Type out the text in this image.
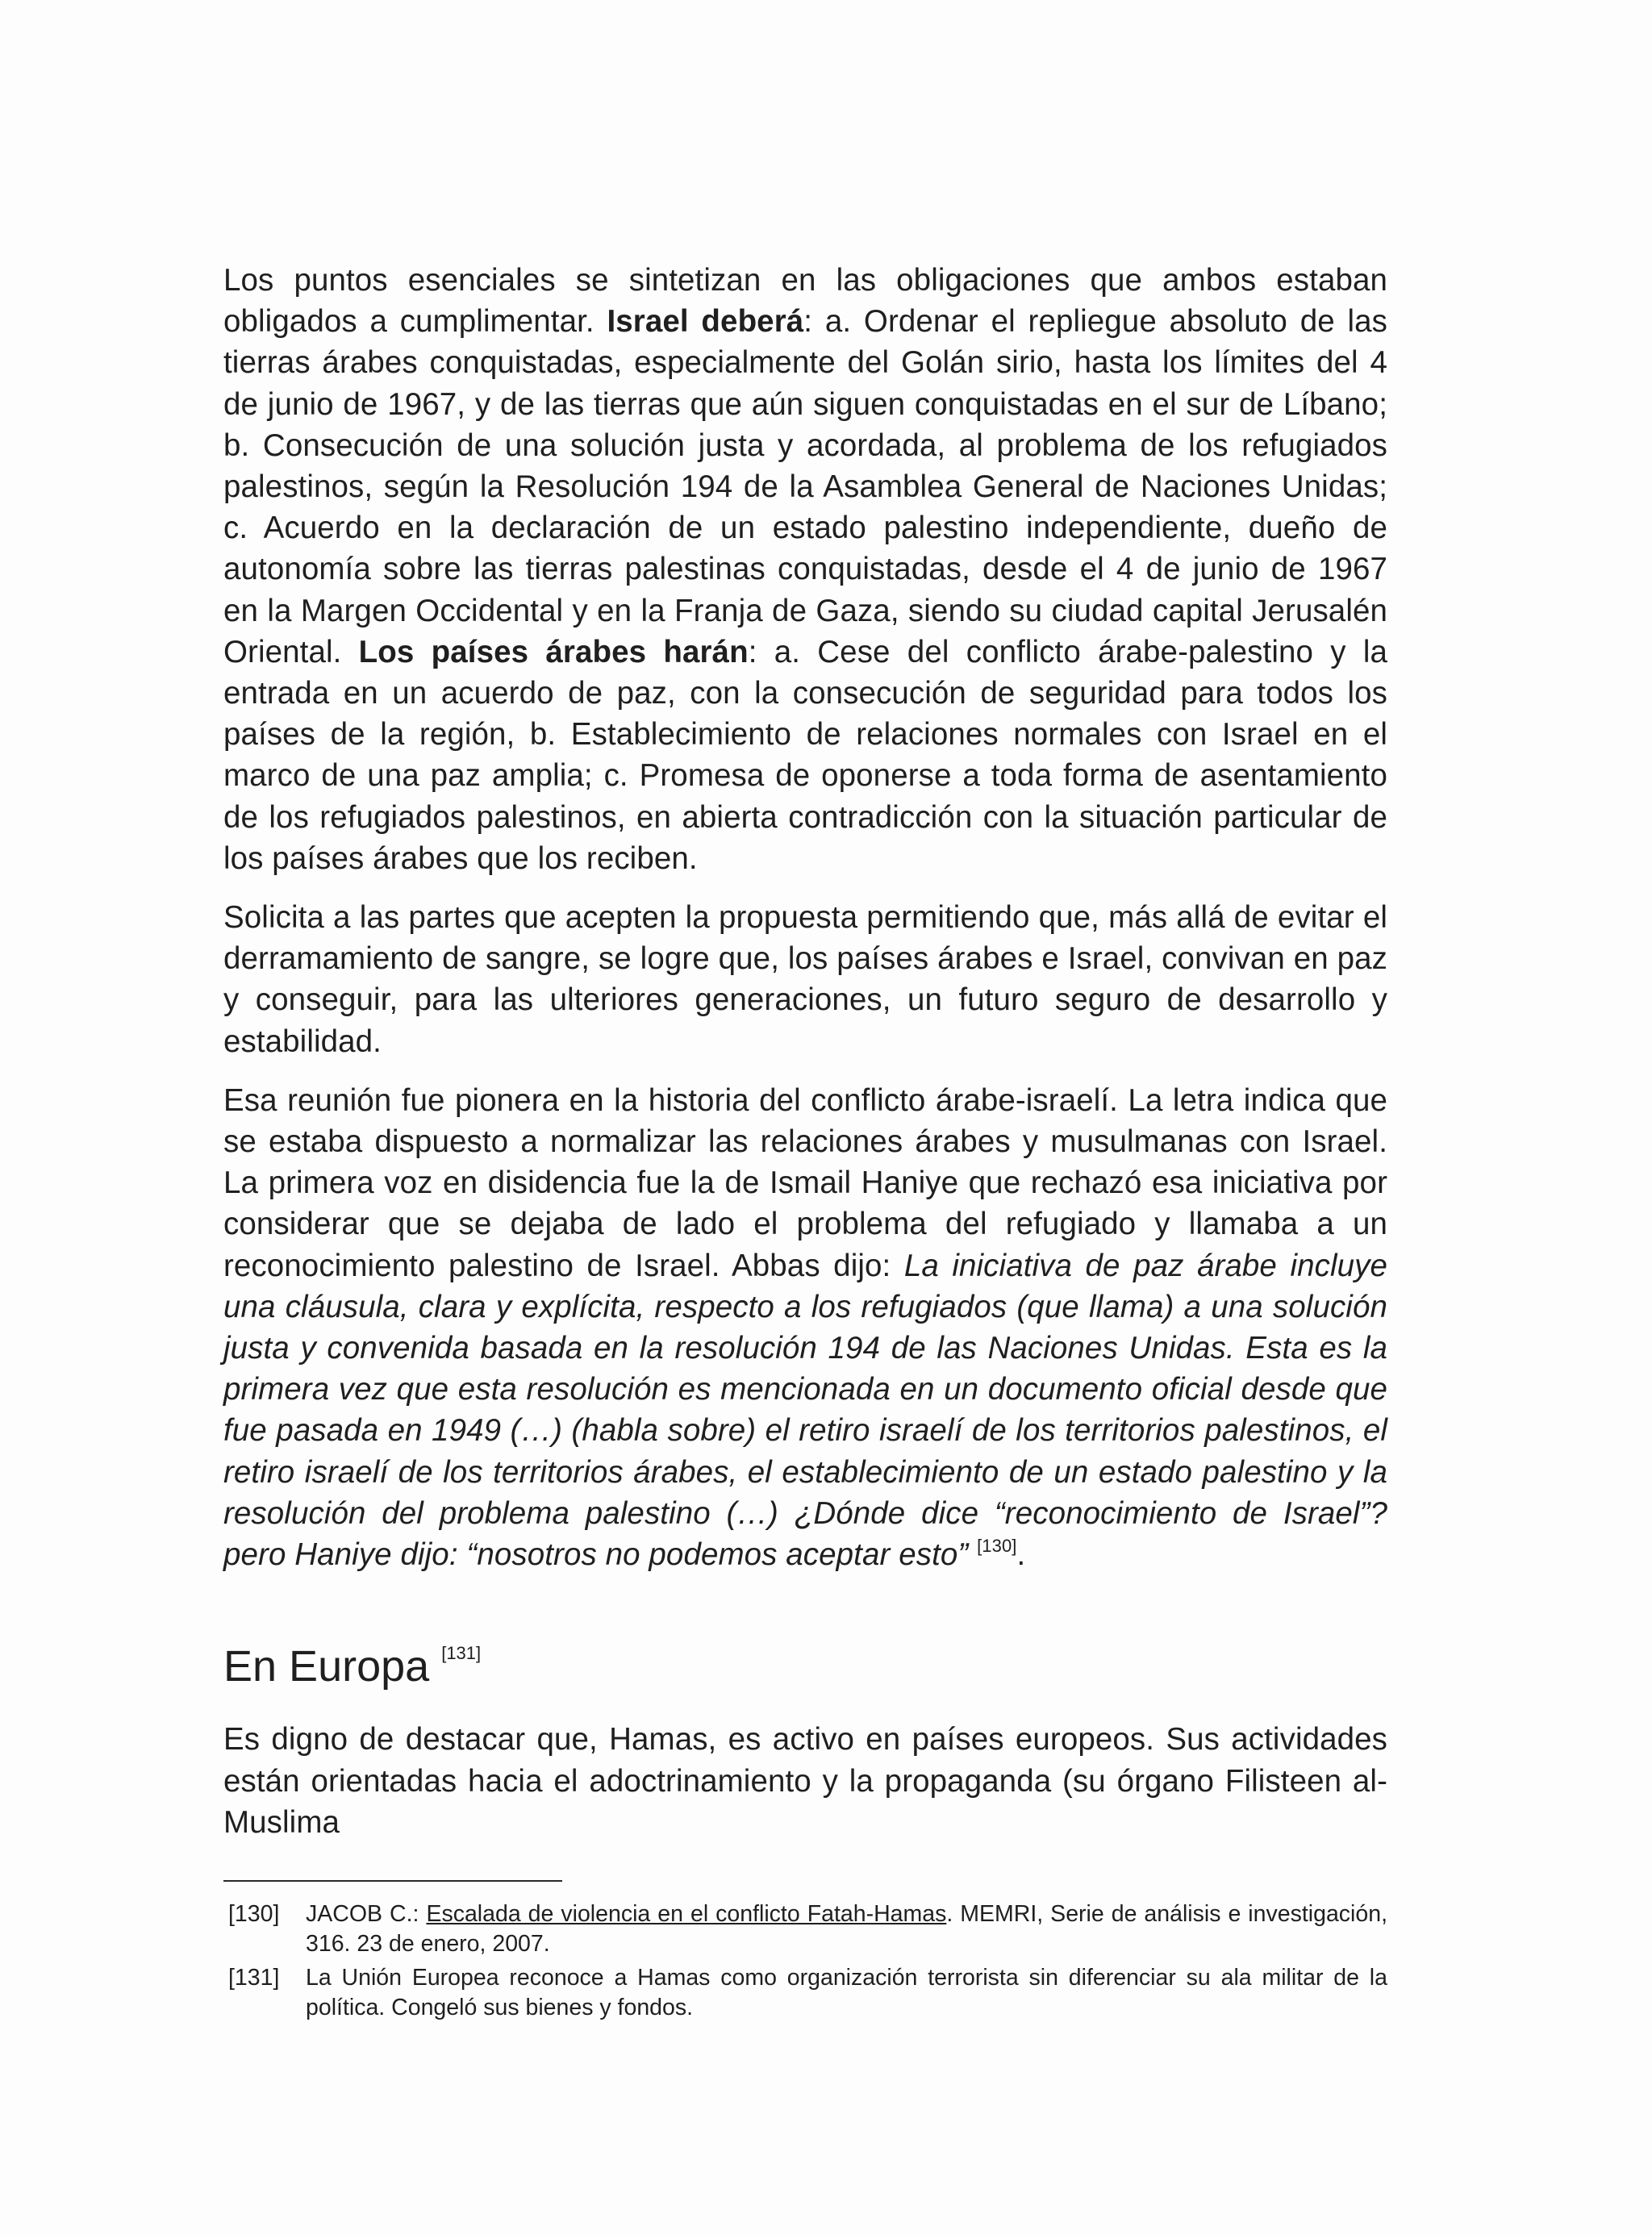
Los puntos esenciales se sintetizan en las obligaciones que ambos estaban obligados a cumplimentar. Israel deberá: a. Ordenar el repliegue absoluto de las tierras árabes conquistadas, especialmente del Golán sirio, hasta los límites del 4 de junio de 1967, y de las tierras que aún siguen conquistadas en el sur de Líbano; b. Consecución de una solución justa y acordada, al problema de los refugiados palestinos, según la Resolución 194 de la Asamblea General de Naciones Unidas; c. Acuerdo en la declaración de un estado palestino independiente, dueño de autonomía sobre las tierras palestinas conquistadas, desde el 4 de junio de 1967 en la Margen Occidental y en la Franja de Gaza, siendo su ciudad capital Jerusalén Oriental. Los países árabes harán: a. Cese del conflicto árabe-palestino y la entrada en un acuerdo de paz, con la consecución de seguridad para todos los países de la región, b. Establecimiento de relaciones normales con Israel en el marco de una paz amplia; c. Promesa de oponerse a toda forma de asentamiento de los refugiados palestinos, en abierta contradicción con la situación particular de los países árabes que los reciben.

Solicita a las partes que acepten la propuesta permitiendo que, más allá de evitar el derramamiento de sangre, se logre que, los países árabes e Israel, convivan en paz y conseguir, para las ulteriores generaciones, un futuro seguro de desarrollo y estabilidad.

Esa reunión fue pionera en la historia del conflicto árabe-israelí. La letra indica que se estaba dispuesto a normalizar las relaciones árabes y musulmanas con Israel. La primera voz en disidencia fue la de Ismail Haniye que rechazó esa iniciativa por considerar que se dejaba de lado el problema del refugiado y llamaba a un reconocimiento palestino de Israel. Abbas dijo: La iniciativa de paz árabe incluye una cláusula, clara y explícita, respecto a los refugiados (que llama) a una solución justa y convenida basada en la resolución 194 de las Naciones Unidas. Esta es la primera vez que esta resolución es mencionada en un documento oficial desde que fue pasada en 1949 (…) (habla sobre) el retiro israelí de los territorios palestinos, el retiro israelí de los territorios árabes, el establecimiento de un estado palestino y la resolución del problema palestino (…) ¿Dónde dice “reconocimiento de Israel”? pero Haniye dijo: “nosotros no podemos aceptar esto” [130].

En Europa [131]

Es digno de destacar que, Hamas, es activo en países europeos. Sus actividades están orientadas hacia el adoctrinamiento y la propaganda (su órgano Filisteen al-Muslima

[130]	JACOB C.: Escalada de violencia en el conflicto Fatah-Hamas. MEMRI, Serie de análisis e investigación, 316. 23 de enero, 2007.
[131]	La Unión Europea reconoce a Hamas como organización terrorista sin diferenciar su ala militar de la política. Congeló sus bienes y fondos.
